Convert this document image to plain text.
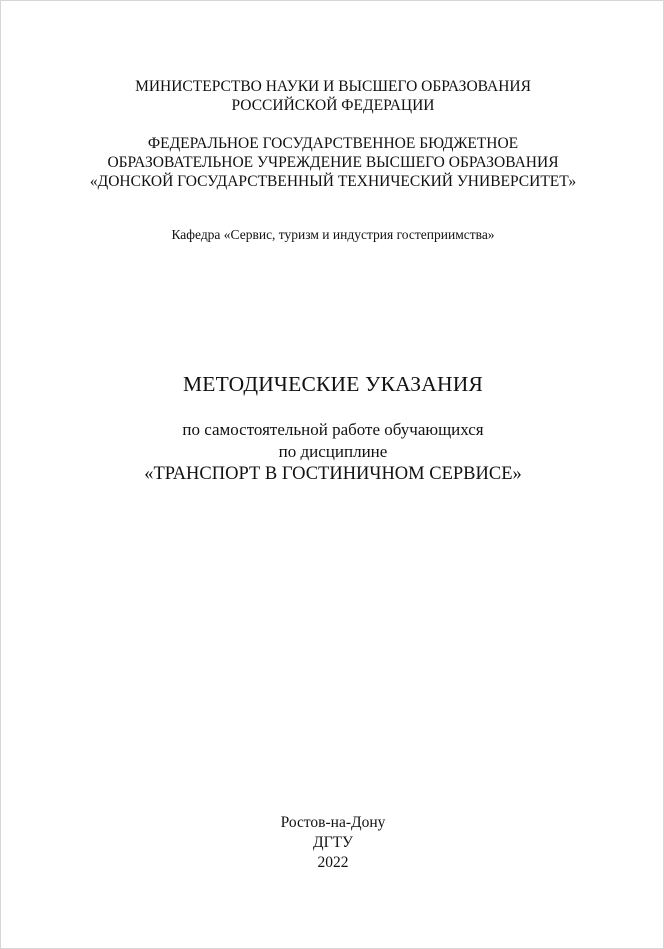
МИНИСТЕРСТВО НАУКИ И ВЫСШЕГО ОБРАЗОВАНИЯ
РОССИЙСКОЙ ФЕДЕРАЦИИ
ФЕДЕРАЛЬНОЕ ГОСУДАРСТВЕННОЕ БЮДЖЕТНОЕ
ОБРАЗОВАТЕЛЬНОЕ УЧРЕЖДЕНИЕ ВЫСШЕГО ОБРАЗОВАНИЯ
«ДОНСКОЙ ГОСУДАРСТВЕННЫЙ ТЕХНИЧЕСКИЙ УНИВЕРСИТЕТ»
Кафедра «Сервис, туризм и индустрия гостеприимства»
МЕТОДИЧЕСКИЕ УКАЗАНИЯ
по самостоятельной работе обучающихся
по дисциплине
«ТРАНСПОРТ В ГОСТИНИЧНОМ СЕРВИСЕ»
Ростов-на-Дону
ДГТУ
2022
